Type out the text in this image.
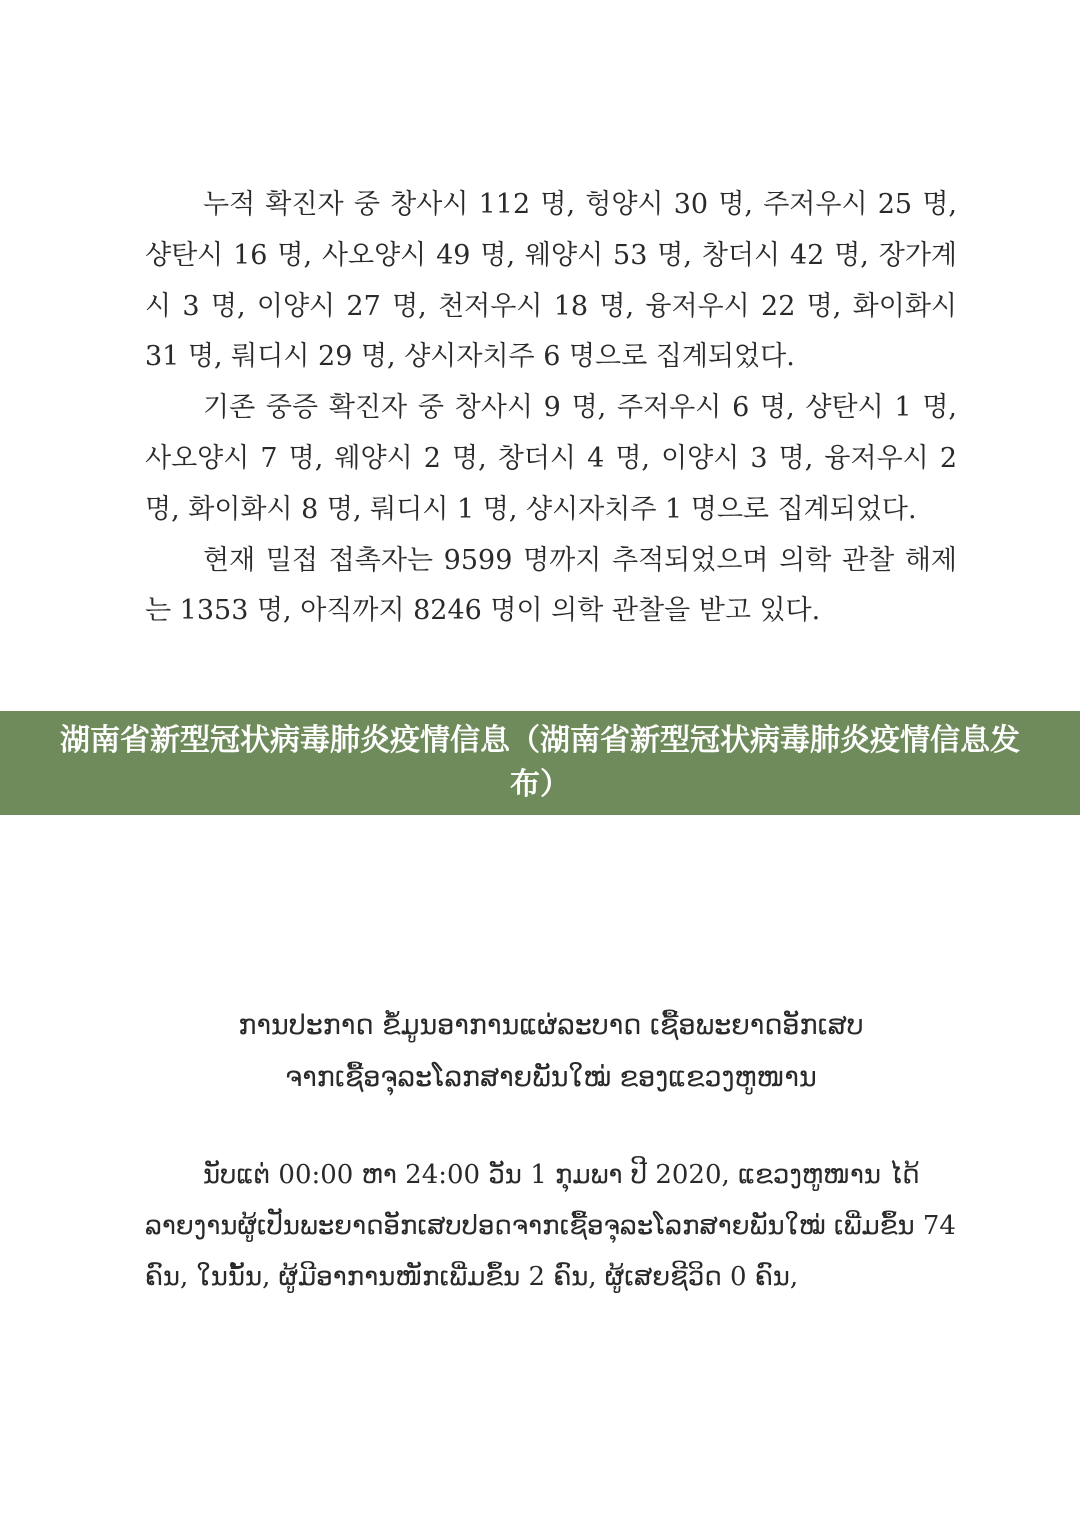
누적 확진자 중 창사시 112 명, 헝양시 30 명, 주저우시 25 명, 샹탄시 16 명, 사오양시 49 명, 웨양시 53 명, 창더시 42 명, 장가계시 3 명, 이양시 27 명, 천저우시 18 명, 융저우시 22 명, 화이화시 31 명, 뤄디시 29 명, 샹시자치주 6 명으로 집계되었다.

기존 중증 확진자 중 창사시 9 명, 주저우시 6 명, 샹탄시 1 명, 사오양시 7 명, 웨양시 2 명, 창더시 4 명, 이양시 3 명, 융저우시 2 명, 화이화시 8 명, 뤄디시 1 명, 샹시자치주 1 명으로 집계되었다.

현재 밀접 접촉자는 9599 명까지 추적되었으며 의학 관찰 해제는 1353 명, 아직까지 8246 명이 의학 관찰을 받고 있다.

湖南省新型冠状病毒肺炎疫情信息（湖南省新型冠状病毒肺炎疫情信息发布）

ການປະກາດ ຂໍ້ມູນອາການແຜ່ລະບາດ ເຊື້ອພະຍາດອັກເສບ
ຈາກເຊື້ອຈຸລະໂລກສາຍພັນໃໝ່ ຂອງແຂວງຫູໜານ

ນັບແຕ່ 00:00 ຫາ 24:00 ວັນ 1 ກຸມພາ ປີ 2020, ແຂວງຫູໜານ ໄດ້ລາຍງານຜູ້ເປັນພະຍາດອັກເສບປອດຈາກເຊື້ອຈຸລະໂລກສາຍພັນໃໝ່ ເພີ່ມຂຶ້ນ 74 ຄົນ, ໃນນັ້ນ, ຜູ້ມີອາການໜັກເພີ່ມຂຶ້ນ 2 ຄົນ, ຜູ້ເສຍຊີວິດ 0 ຄົນ,
